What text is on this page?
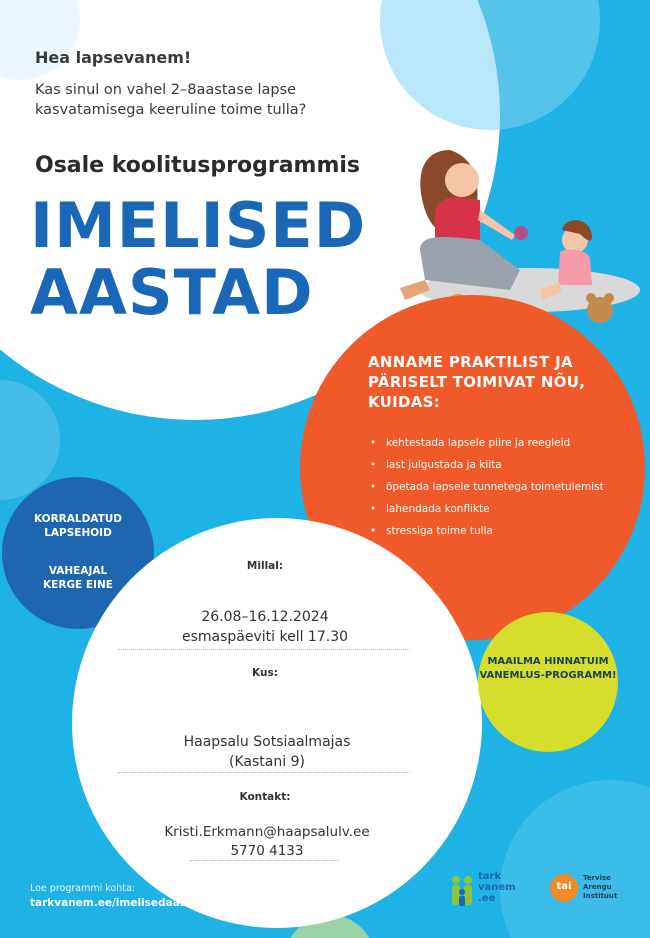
Hea lapsevanem!
Kas sinul on vahel 2–8aastase lapse kasvatamisega keeruline toime tulla?
Osale koolitusprogrammis
IMELISED
AASTAD
ANNAME PRAKTILIST JA PÄRISELT TOIMIVAT NÕU, KUIDAS:
• kehtestada lapsele piire ja reegleid
• last julgustada ja kiita
• õpetada lapsele tunnetega toimetulemist
• lahendada konflikte
• stressiga toime tulla
KORRALDATUD LAPSEHOID
VAHEAJAL KERGE EINE
Millal:
26.08–16.12.2024
esmaspäeviti kell 17.30
Kus:
Haapsalu Sotsiaalmajas
(Kastani 9)
Kontakt:
Kristi.Erkmann@haapsalulv.ee
5770 4133
MAAILMA HINNATUIM VANEMLUS-PROGRAMM!
Loe programmi kohta:
tarkvanem.ee/imelisedaastad
tark
vanem
.ee
tai
Tervise
Arengu
Instituut
